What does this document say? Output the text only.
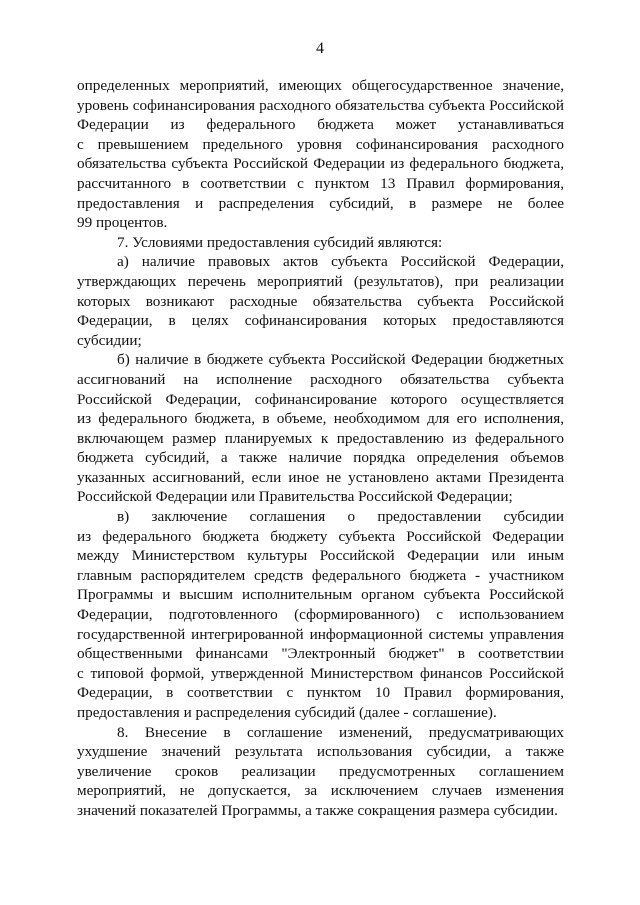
4
определенных мероприятий, имеющих общегосударственное значение,
уровень софинансирования расходного обязательства субъекта Российской
Федерации из федерального бюджета может устанавливаться
с превышением предельного уровня софинансирования расходного
обязательства субъекта Российской Федерации из федерального бюджета,
рассчитанного в соответствии с пунктом 13 Правил формирования,
предоставления и распределения субсидий, в размере не более
99 процентов.
7. Условиями предоставления субсидий являются:
а) наличие правовых актов субъекта Российской Федерации,
утверждающих перечень мероприятий (результатов), при реализации
которых возникают расходные обязательства субъекта Российской
Федерации, в целях софинансирования которых предоставляются
субсидии;
б) наличие в бюджете субъекта Российской Федерации бюджетных
ассигнований на исполнение расходного обязательства субъекта
Российской Федерации, софинансирование которого осуществляется
из федерального бюджета, в объеме, необходимом для его исполнения,
включающем размер планируемых к предоставлению из федерального
бюджета субсидий, а также наличие порядка определения объемов
указанных ассигнований, если иное не установлено актами Президента
Российской Федерации или Правительства Российской Федерации;
в) заключение соглашения о предоставлении субсидии
из федерального бюджета бюджету субъекта Российской Федерации
между Министерством культуры Российской Федерации или иным
главным распорядителем средств федерального бюджета - участником
Программы и высшим исполнительным органом субъекта Российской
Федерации, подготовленного (сформированного) с использованием
государственной интегрированной информационной системы управления
общественными финансами "Электронный бюджет" в соответствии
с типовой формой, утвержденной Министерством финансов Российской
Федерации, в соответствии с пунктом 10 Правил формирования,
предоставления и распределения субсидий (далее - соглашение).
8. Внесение в соглашение изменений, предусматривающих
ухудшение значений результата использования субсидии, а также
увеличение сроков реализации предусмотренных соглашением
мероприятий, не допускается, за исключением случаев изменения
значений показателей Программы, а также сокращения размера субсидии.
